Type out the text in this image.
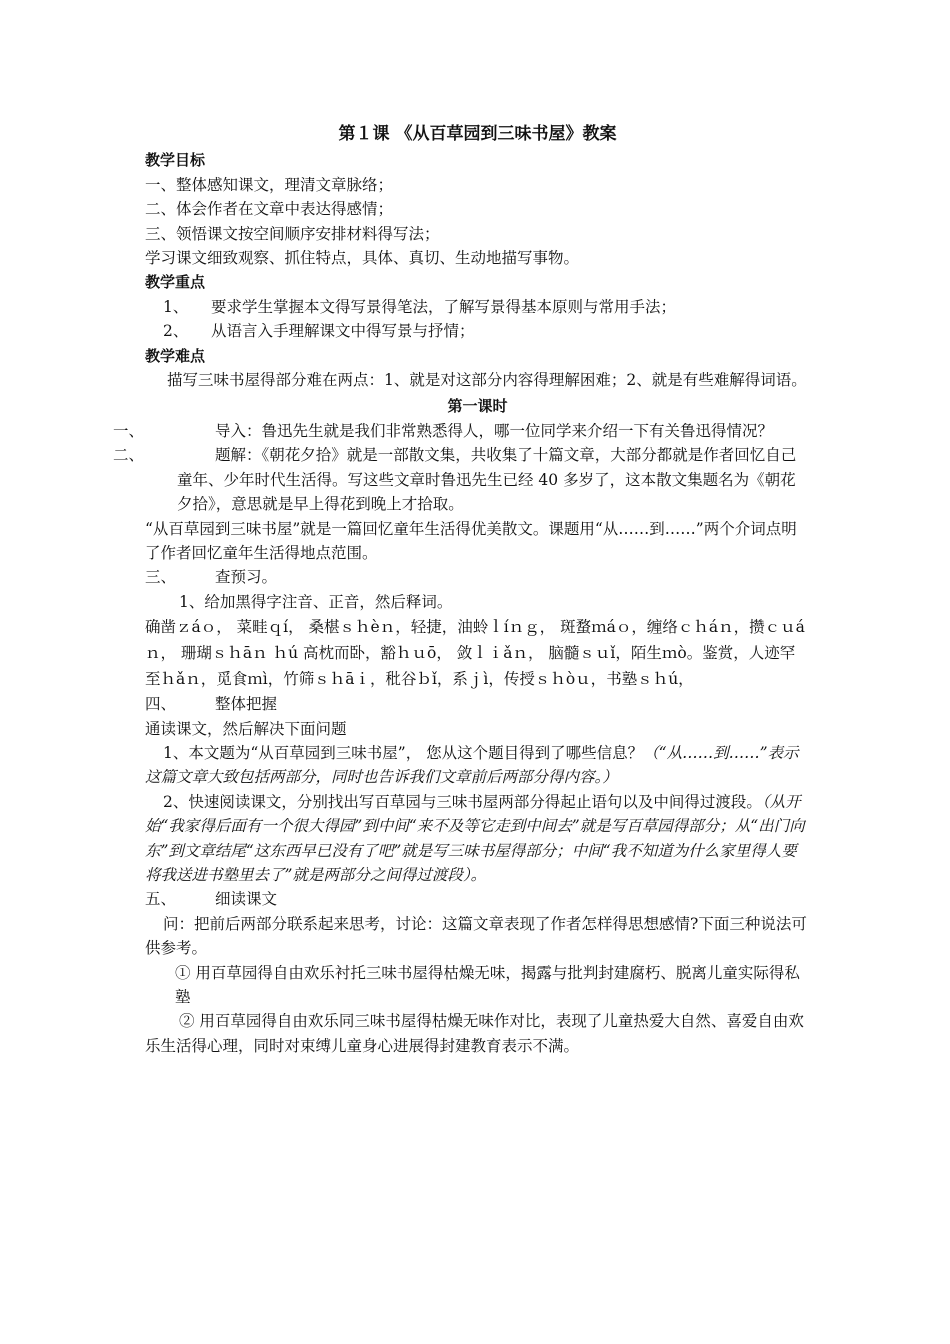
第１课 《从百草园到三味书屋》教案

教学目标

一、整体感知课文，理清文章脉络；

二、体会作者在文章中表达得感情；

三、领悟课文按空间顺序安排材料得写法；

学习课文细致观察、抓住特点，具体、真切、生动地描写事物。

教学重点

1、 要求学生掌握本文得写景得笔法，了解写景得基本原则与常用手法；

2、 从语言入手理解课文中得写景与抒情；

教学难点

描写三味书屋得部分难在两点：1、就是对这部分内容得理解困难；2、就是有些难解得词语。

第一课时

一、	导入：鲁迅先生就是我们非常熟悉得人，哪一位同学来介绍一下有关鲁迅得情况？

二、	题解：《朝花夕拾》就是一部散文集，共收集了十篇文章，大部分都就是作者回忆自己童年、少年时代生活得。写这些文章时鲁迅先生已经 40 多岁了，这本散文集题名为《朝花夕拾》，意思就是早上得花到晚上才拾取。

“从百草园到三味书屋”就是一篇回忆童年生活得优美散文。课题用“从……到……”两个介词点明了作者回忆童年生活得地点范围。

三、	查预习。

1、给加黑得字注音、正音，然后释词。

确凿ｚáｏ， 菜畦ｑí， 桑椹ｓｈèｎ，轻捷，油蛉ｌíｎｇ， 斑蝥ｍáｏ，缠络ｃｈáｎ，攒ｃｕáｎ， 珊瑚ｓｈāｎ ｈú 高枕而卧，豁ｈｕō， 敛ｌｉǎｎ， 脑髓ｓｕǐ，陌生ｍò。鉴赏，人迹罕至ｈǎｎ，觅食ｍì，竹筛ｓｈāｉ，秕谷ｂǐ，系ｊì，传授ｓｈòｕ，书塾ｓｈú，

四、	整体把握

通读课文，然后解决下面问题

1、本文题为“从百草园到三味书屋”， 您从这个题目得到了哪些信息？（“从……到……”表示这篇文章大致包括两部分，同时也告诉我们文章前后两部分得内容。）

2、快速阅读课文，分别找出写百草园与三味书屋两部分得起止语句以及中间得过渡段。（从开始“我家得后面有一个很大得园”到中间“来不及等它走到中间去”就是写百草园得部分；从“出门向东”到文章结尾“这东西早已没有了吧”就是写三味书屋得部分；中间“我不知道为什么家里得人要将我送进书塾里去了”就是两部分之间得过渡段）。

五、	细读课文

问：把前后两部分联系起来思考，讨论：这篇文章表现了作者怎样得思想感情?下面三种说法可供参考。

① 用百草园得自由欢乐衬托三味书屋得枯燥无味，揭露与批判封建腐朽、脱离儿童实际得私塾

② 用百草园得自由欢乐同三味书屋得枯燥无味作对比，表现了儿童热爱大自然、喜爱自由欢乐生活得心理，同时对束缚儿童身心进展得封建教育表示不满。
